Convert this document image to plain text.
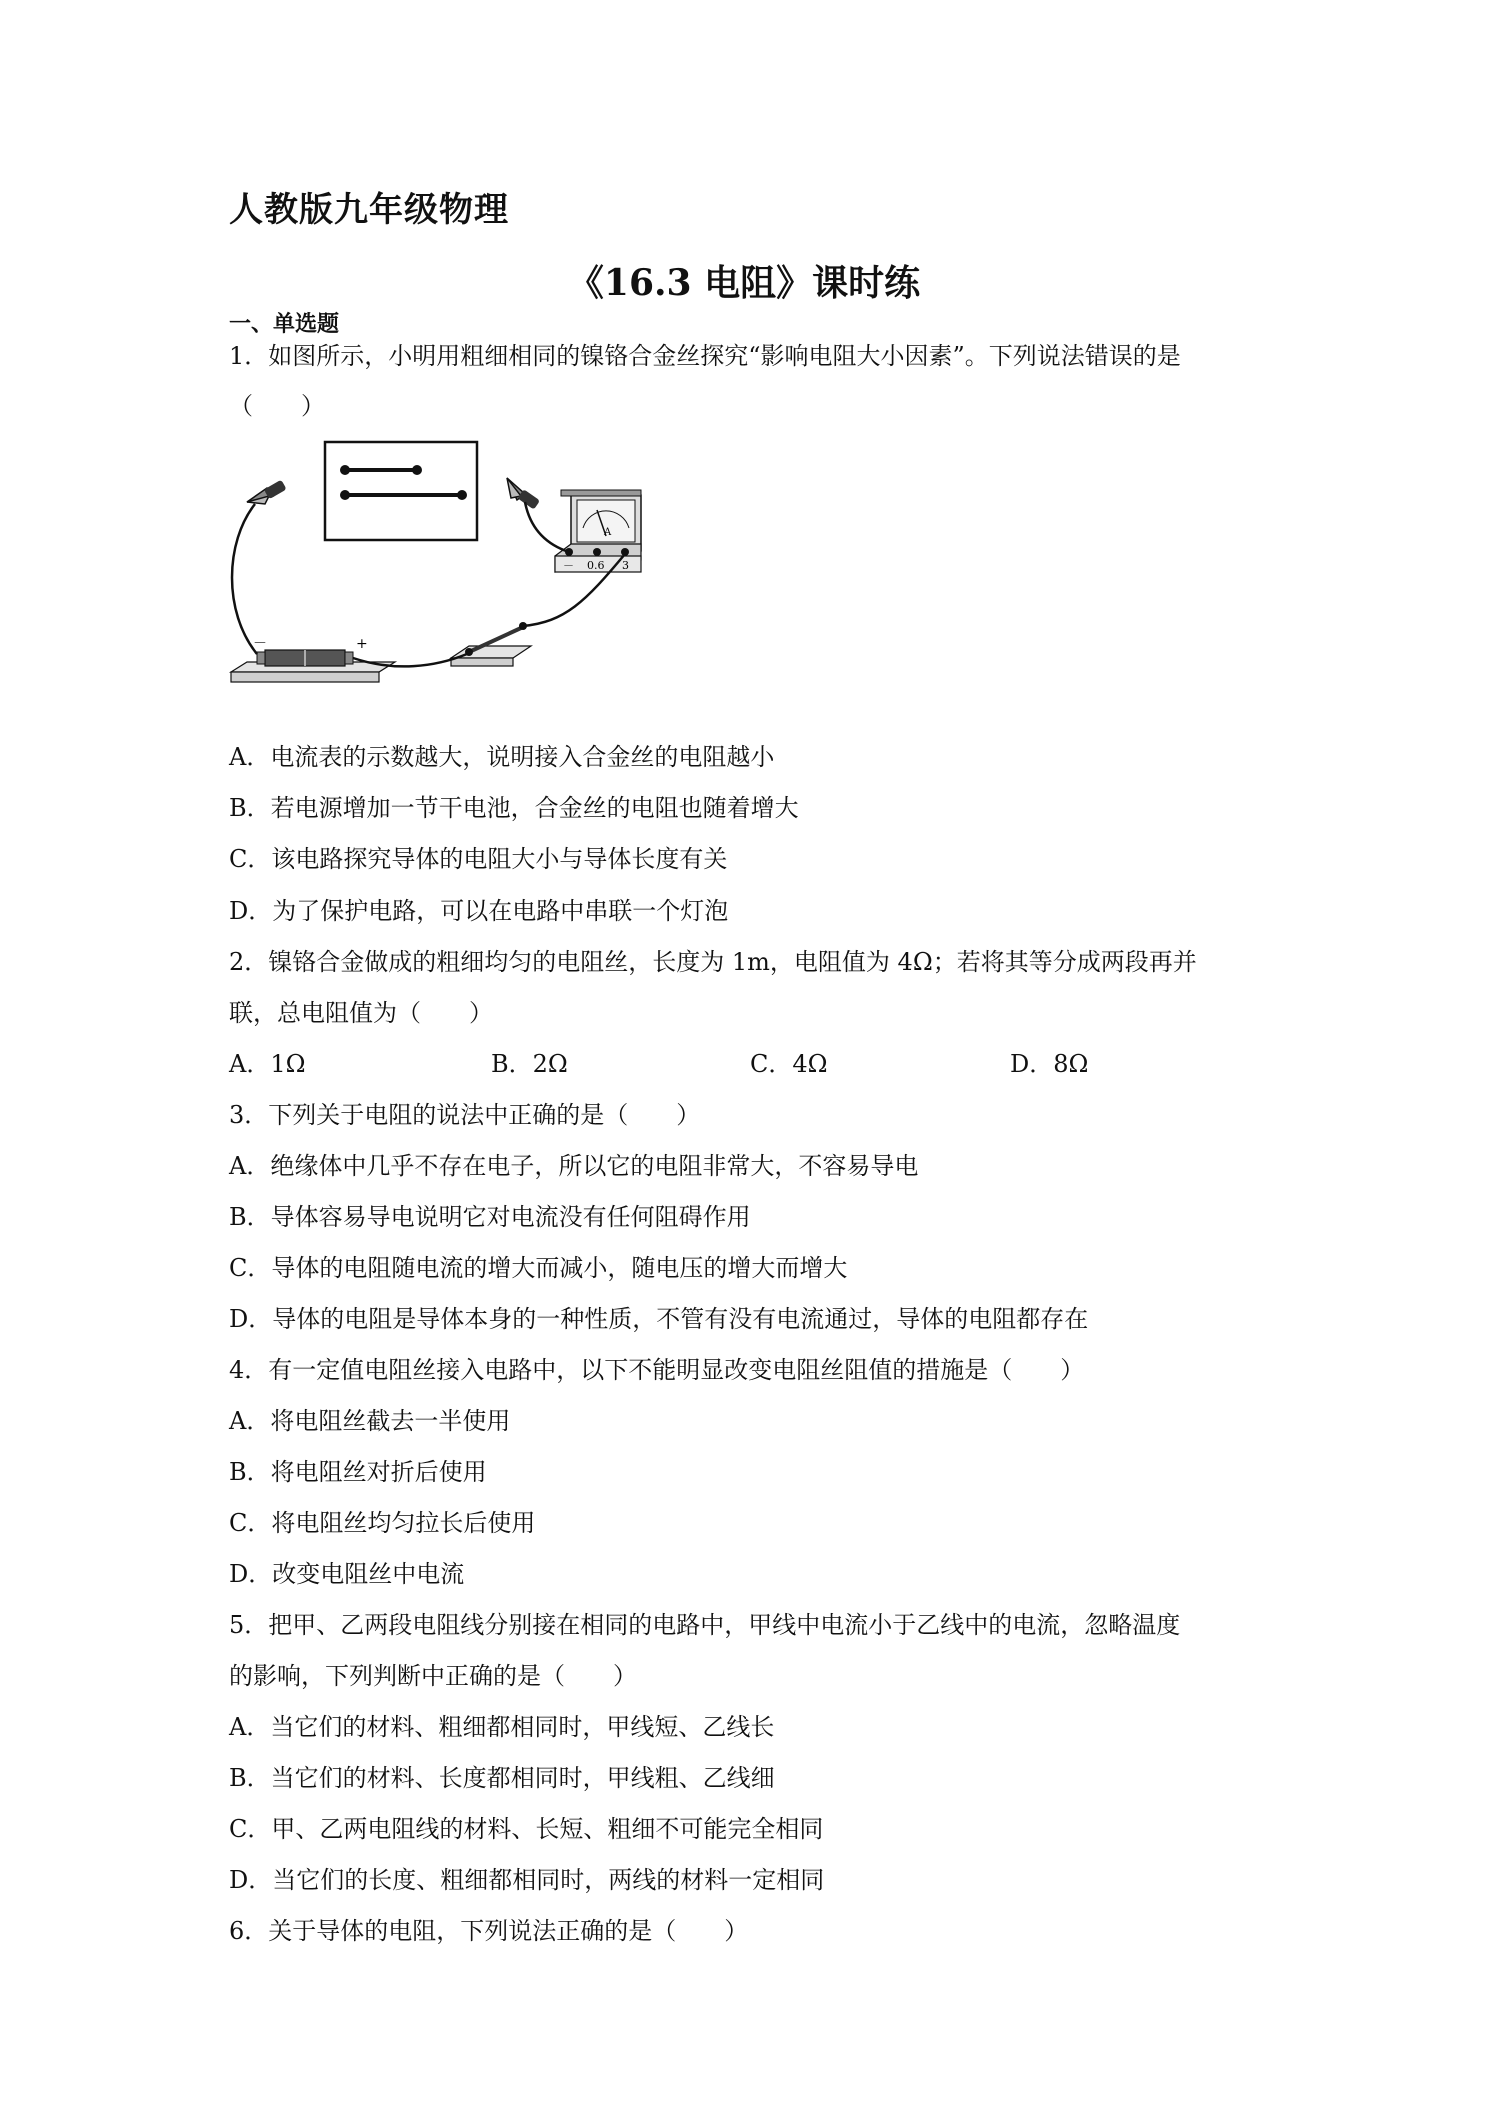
人教版九年级物理
《16.3 电阻》课时练
一、单选题
1．如图所示，小明用粗细相同的镍铬合金丝探究“影响电阻大小因素”。下列说法错误的是
（　　）
A
－ 0.6 3
－	+
A．电流表的示数越大，说明接入合金丝的电阻越小
B．若电源增加一节干电池，合金丝的电阻也随着增大
C．该电路探究导体的电阻大小与导体长度有关
D．为了保护电路，可以在电路中串联一个灯泡
2．镍铬合金做成的粗细均匀的电阻丝，长度为 1m，电阻值为 4Ω；若将其等分成两段再并
联，总电阻值为（　　）
A．1Ω	B．2Ω	C．4Ω	D．8Ω
3．下列关于电阻的说法中正确的是（　　）
A．绝缘体中几乎不存在电子，所以它的电阻非常大，不容易导电
B．导体容易导电说明它对电流没有任何阻碍作用
C．导体的电阻随电流的增大而减小，随电压的增大而增大
D．导体的电阻是导体本身的一种性质，不管有没有电流通过，导体的电阻都存在
4．有一定值电阻丝接入电路中，以下不能明显改变电阻丝阻值的措施是（　　）
A．将电阻丝截去一半使用
B．将电阻丝对折后使用
C．将电阻丝均匀拉长后使用
D．改变电阻丝中电流
5．把甲、乙两段电阻线分别接在相同的电路中，甲线中电流小于乙线中的电流，忽略温度
的影响，下列判断中正确的是（　　）
A．当它们的材料、粗细都相同时，甲线短、乙线长
B．当它们的材料、长度都相同时，甲线粗、乙线细
C．甲、乙两电阻线的材料、长短、粗细不可能完全相同
D．当它们的长度、粗细都相同时，两线的材料一定相同
6．关于导体的电阻，下列说法正确的是（　　）
